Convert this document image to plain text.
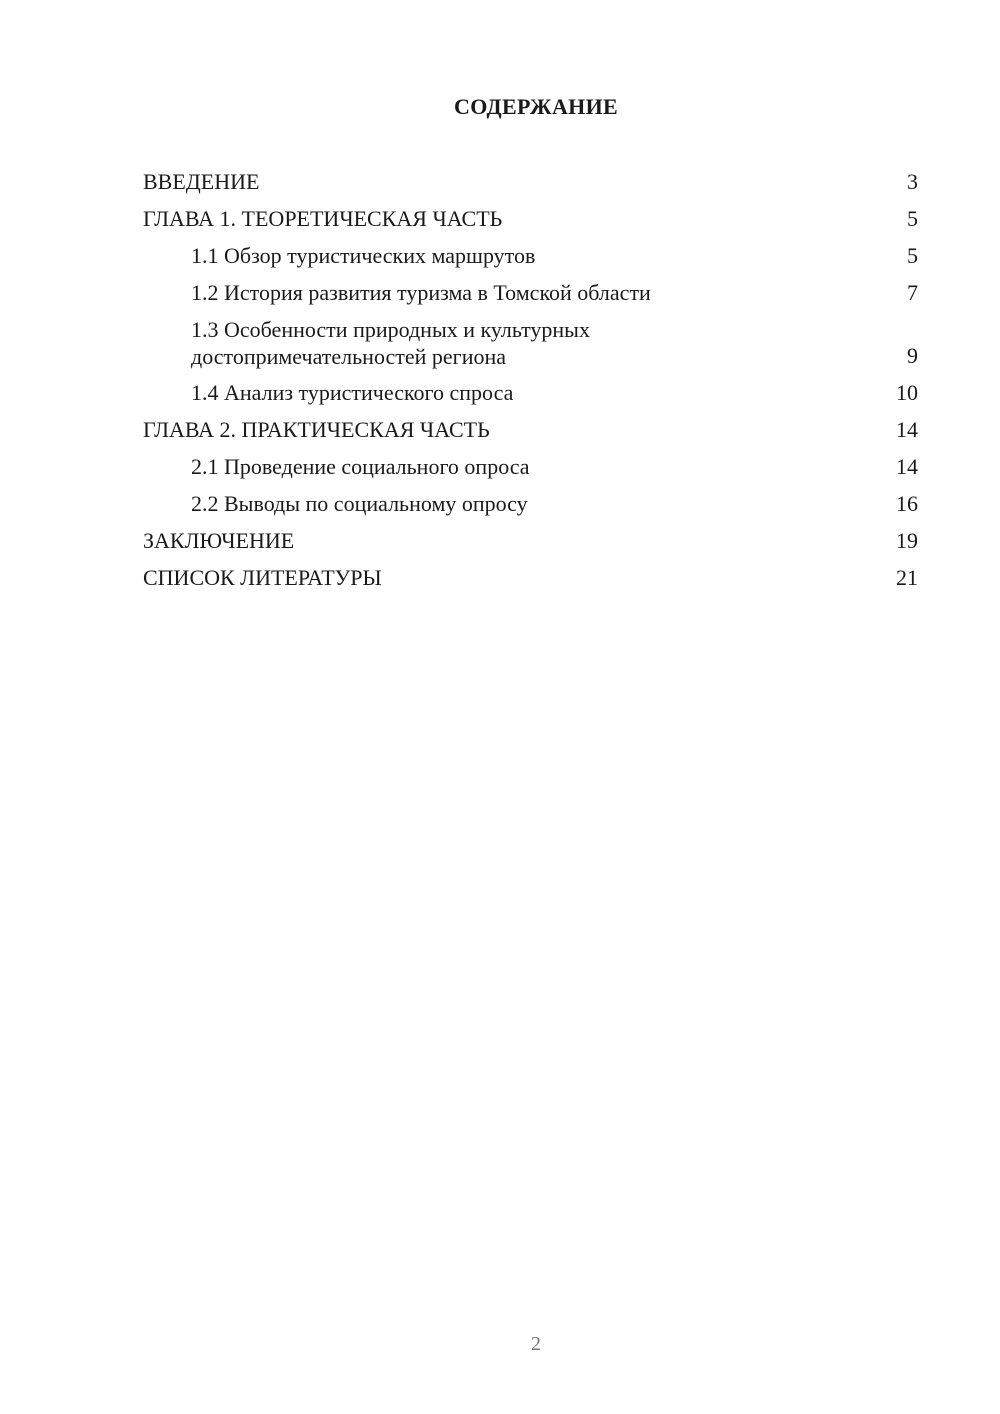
СОДЕРЖАНИЕ
ВВЕДЕНИЕ	3
ГЛАВА 1. ТЕОРЕТИЧЕСКАЯ ЧАСТЬ	5
1.1 Обзор туристических маршрутов	5
1.2 История развития туризма в Томской области	7
1.3 Особенности природных и культурных достопримечательностей региона	9
1.4 Анализ туристического спроса	10
ГЛАВА 2. ПРАКТИЧЕСКАЯ ЧАСТЬ	14
2.1 Проведение социального опроса	14
2.2 Выводы по социальному опросу	16
ЗАКЛЮЧЕНИЕ	19
СПИСОК ЛИТЕРАТУРЫ	21
2
